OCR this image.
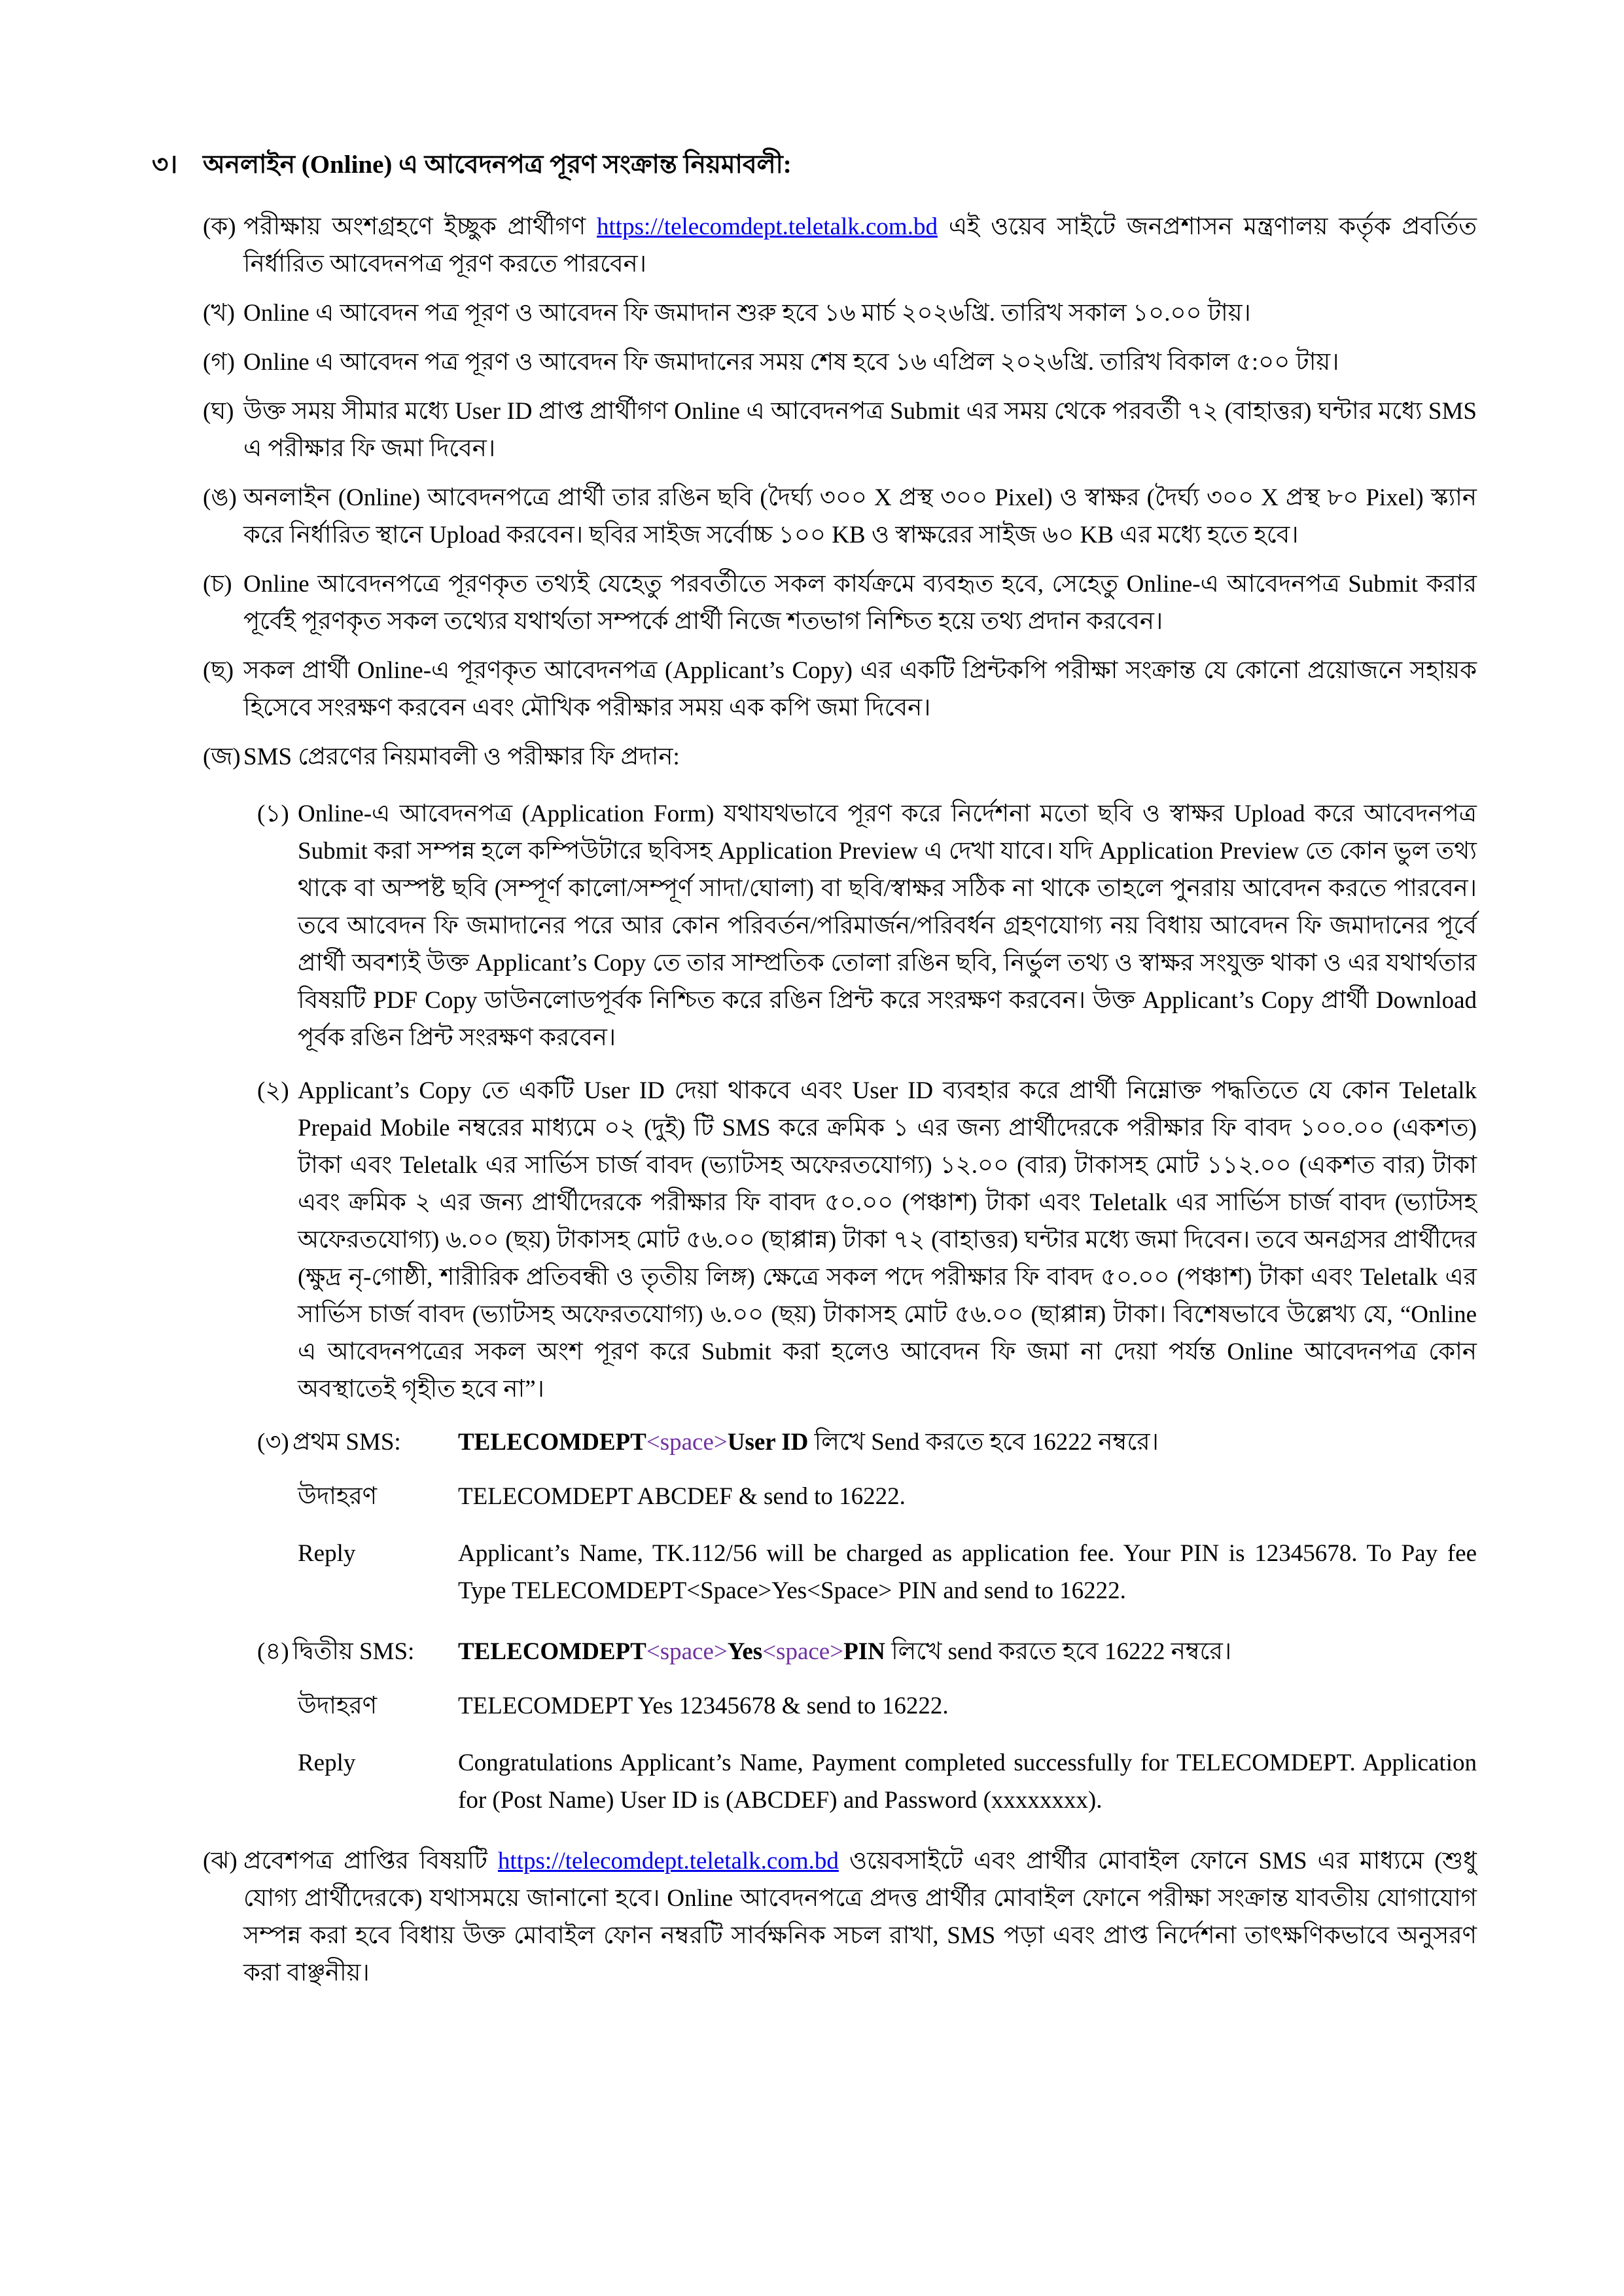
৩। অনলাইন (Online) এ আবেদনপত্র পূরণ সংক্রান্ত নিয়মাবলী:
(ক) পরীক্ষায় অংশগ্রহণে ইচ্ছুক প্রার্থীগণ https://telecomdept.teletalk.com.bd এই ওয়েব সাইটে জনপ্রশাসন মন্ত্রণালয় কর্তৃক প্রবর্তিত নির্ধারিত আবেদনপত্র পূরণ করতে পারবেন।
(খ) Online এ আবেদন পত্র পূরণ ও আবেদন ফি জমাদান শুরু হবে ১৬ মার্চ ২০২৬খ্রি. তারিখ সকাল ১০.০০ টায়।
(গ) Online এ আবেদন পত্র পূরণ ও আবেদন ফি জমাদানের সময় শেষ হবে ১৬ এপ্রিল ২০২৬খ্রি. তারিখ বিকাল ৫:০০ টায়।
(ঘ) উক্ত সময় সীমার মধ্যে User ID প্রাপ্ত প্রার্থীগণ Online এ আবেদনপত্র Submit এর সময় থেকে পরবর্তী ৭২ (বাহাত্তর) ঘন্টার মধ্যে SMS এ পরীক্ষার ফি জমা দিবেন।
(ঙ) অনলাইন (Online) আবেদনপত্রে প্রার্থী তার রঙিন ছবি (দৈর্ঘ্য ৩০০ X প্রস্থ ৩০০ Pixel) ও স্বাক্ষর (দৈর্ঘ্য ৩০০ X প্রস্থ ৮০ Pixel) স্ক্যান করে নির্ধারিত স্থানে Upload করবেন। ছবির সাইজ সর্বোচ্চ ১০০ KB ও স্বাক্ষরের সাইজ ৬০ KB এর মধ্যে হতে হবে।
(চ) Online আবেদনপত্রে পূরণকৃত তথ্যই যেহেতু পরবর্তীতে সকল কার্যক্রমে ব্যবহৃত হবে, সেহেতু Online-এ আবেদনপত্র Submit করার পূর্বেই পূরণকৃত সকল তথ্যের যথার্থতা সম্পর্কে প্রার্থী নিজে শতভাগ নিশ্চিত হয়ে তথ্য প্রদান করবেন।
(ছ) সকল প্রার্থী Online-এ পূরণকৃত আবেদনপত্র (Applicant’s Copy) এর একটি প্রিন্টকপি পরীক্ষা সংক্রান্ত যে কোনো প্রয়োজনে সহায়ক হিসেবে সংরক্ষণ করবেন এবং মৌখিক পরীক্ষার সময় এক কপি জমা দিবেন।
(জ) SMS প্রেরণের নিয়মাবলী ও পরীক্ষার ফি প্রদান:
(১) Online-এ আবেদনপত্র (Application Form) যথাযথভাবে পূরণ করে নির্দেশনা মতো ছবি ও স্বাক্ষর Upload করে আবেদনপত্র Submit করা সম্পন্ন হলে কম্পিউটারে ছবিসহ Application Preview এ দেখা যাবে। যদি Application Preview তে কোন ভুল তথ্য থাকে বা অস্পষ্ট ছবি (সম্পূর্ণ কালো/সম্পূর্ণ সাদা/ঘোলা) বা ছবি/স্বাক্ষর সঠিক না থাকে তাহলে পুনরায় আবেদন করতে পারবেন। তবে আবেদন ফি জমাদানের পরে আর কোন পরিবর্তন/পরিমার্জন/পরিবর্ধন গ্রহণযোগ্য নয় বিধায় আবেদন ফি জমাদানের পূর্বে প্রার্থী অবশ্যই উক্ত Applicant’s Copy তে তার সাম্প্রতিক তোলা রঙিন ছবি, নির্ভুল তথ্য ও স্বাক্ষর সংযুক্ত থাকা ও এর যথার্থতার বিষয়টি PDF Copy ডাউনলোডপূর্বক নিশ্চিত করে রঙিন প্রিন্ট করে সংরক্ষণ করবেন। উক্ত Applicant’s Copy প্রার্থী Download পূর্বক রঙিন প্রিন্ট সংরক্ষণ করবেন।
(২) Applicant’s Copy তে একটি User ID দেয়া থাকবে এবং User ID ব্যবহার করে প্রার্থী নিম্নোক্ত পদ্ধতিতে যে কোন Teletalk Prepaid Mobile নম্বরের মাধ্যমে ০২ (দুই) টি SMS করে ক্রমিক ১ এর জন্য প্রার্থীদেরকে পরীক্ষার ফি বাবদ ১০০.০০ (একশত) টাকা এবং Teletalk এর সার্ভিস চার্জ বাবদ (ভ্যাটসহ অফেরতযোগ্য) ১২.০০ (বার) টাকাসহ মোট ১১২.০০ (একশত বার) টাকা এবং ক্রমিক ২ এর জন্য প্রার্থীদেরকে পরীক্ষার ফি বাবদ ৫০.০০ (পঞ্চাশ) টাকা এবং Teletalk এর সার্ভিস চার্জ বাবদ (ভ্যাটসহ অফেরতযোগ্য) ৬.০০ (ছয়) টাকাসহ মোট ৫৬.০০ (ছাপ্পান্ন) টাকা ৭২ (বাহাত্তর) ঘন্টার মধ্যে জমা দিবেন। তবে অনগ্রসর প্রার্থীদের (ক্ষুদ্র নৃ-গোষ্ঠী, শারীরিক প্রতিবন্ধী ও তৃতীয় লিঙ্গ) ক্ষেত্রে সকল পদে পরীক্ষার ফি বাবদ ৫০.০০ (পঞ্চাশ) টাকা এবং Teletalk এর সার্ভিস চার্জ বাবদ (ভ্যাটসহ অফেরতযোগ্য) ৬.০০ (ছয়) টাকাসহ মোট ৫৬.০০ (ছাপ্পান্ন) টাকা। বিশেষভাবে উল্লেখ্য যে, “Online এ আবেদনপত্রের সকল অংশ পূরণ করে Submit করা হলেও আবেদন ফি জমা না দেয়া পর্যন্ত Online আবেদনপত্র কোন অবস্থাতেই গৃহীত হবে না”।
(৩) প্রথম SMS:	TELECOMDEPT<space>User ID লিখে Send করতে হবে 16222 নম্বরে।
উদাহরণ	TELECOMDEPT ABCDEF & send to 16222.
Reply	Applicant’s Name, TK.112/56 will be charged as application fee. Your PIN is 12345678. To Pay fee Type TELECOMDEPT<Space>Yes<Space> PIN and send to 16222.
(৪) দ্বিতীয় SMS:	TELECOMDEPT<space>Yes<space>PIN লিখে send করতে হবে 16222 নম্বরে।
উদাহরণ	TELECOMDEPT Yes 12345678 & send to 16222.
Reply	Congratulations Applicant’s Name, Payment completed successfully for TELECOMDEPT. Application for (Post Name) User ID is (ABCDEF) and Password (xxxxxxxx).
(ঝ) প্রবেশপত্র প্রাপ্তির বিষয়টি https://telecomdept.teletalk.com.bd ওয়েবসাইটে এবং প্রার্থীর মোবাইল ফোনে SMS এর মাধ্যমে (শুধু যোগ্য প্রার্থীদেরকে) যথাসময়ে জানানো হবে। Online আবেদনপত্রে প্রদত্ত প্রার্থীর মোবাইল ফোনে পরীক্ষা সংক্রান্ত যাবতীয় যোগাযোগ সম্পন্ন করা হবে বিধায় উক্ত মোবাইল ফোন নম্বরটি সার্বক্ষনিক সচল রাখা, SMS পড়া এবং প্রাপ্ত নির্দেশনা তাৎক্ষণিকভাবে অনুসরণ করা বাঞ্ছনীয়।
